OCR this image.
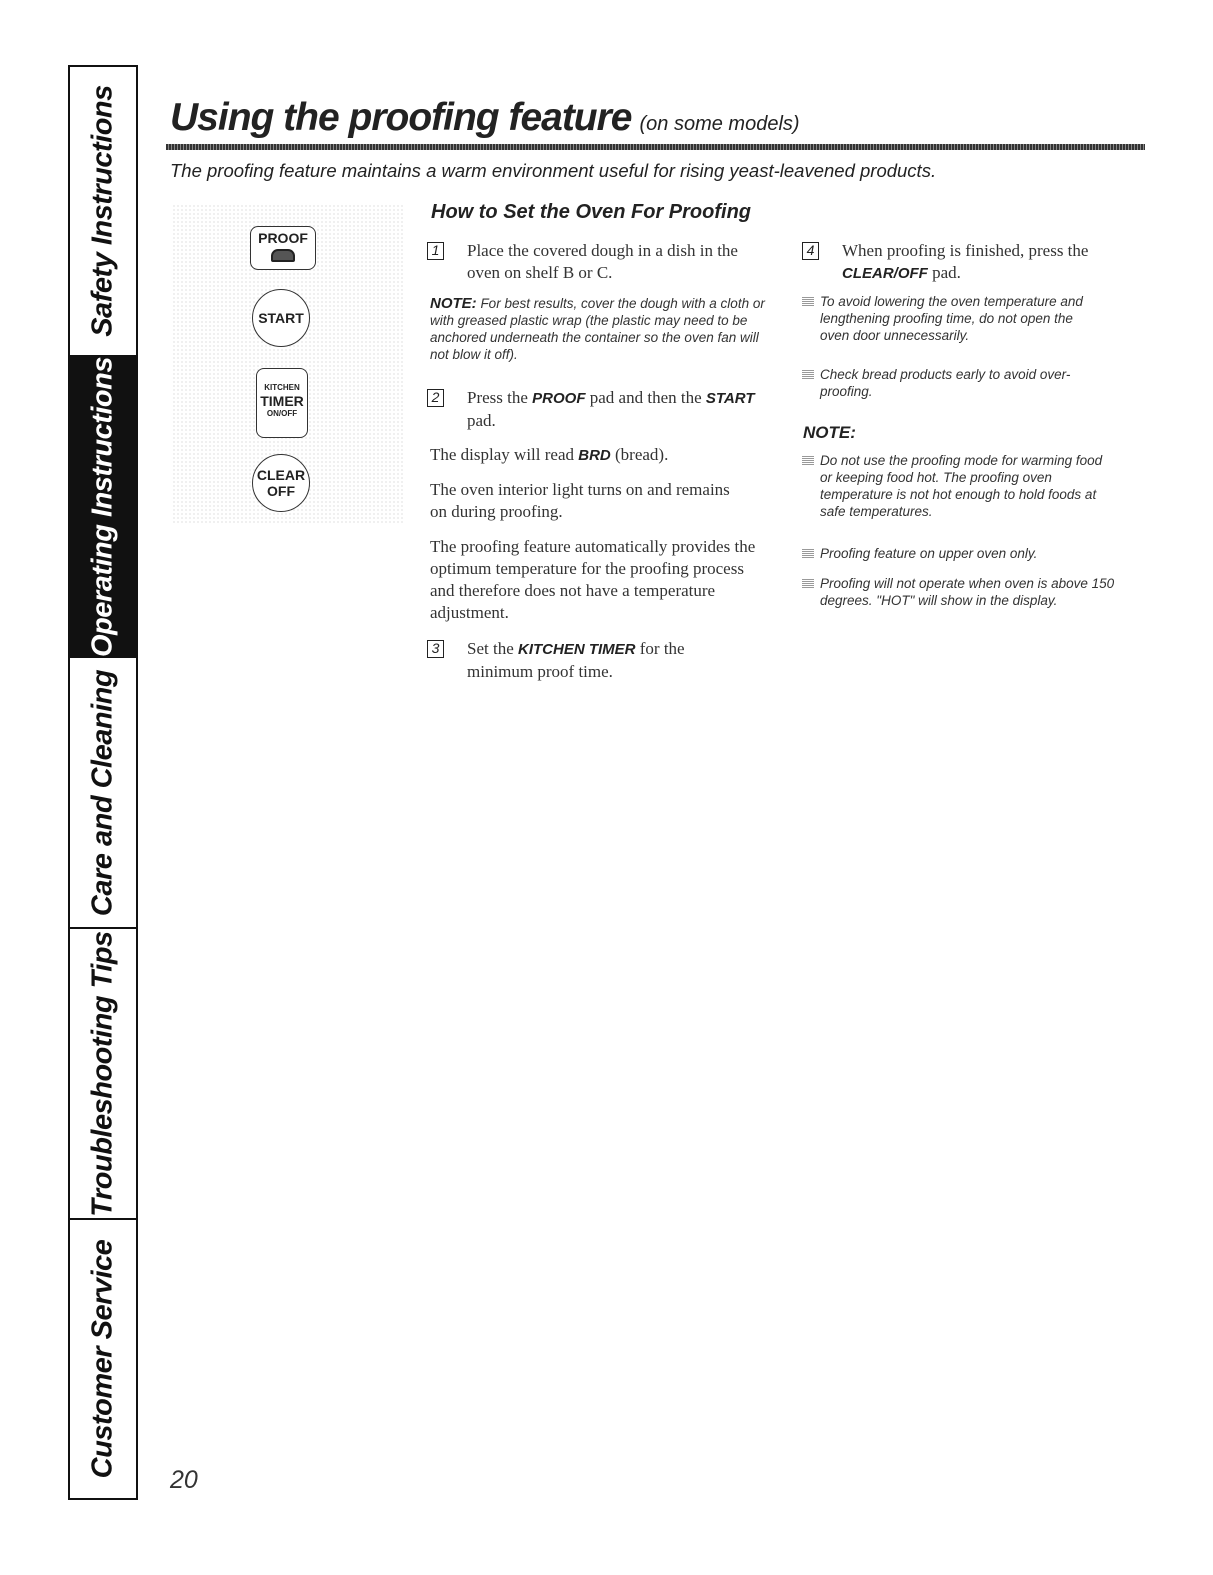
Safety Instructions
Operating Instructions
Care and Cleaning
Troubleshooting Tips
Customer Service
Using the proofing feature (on some models)
The proofing feature maintains a warm environment useful for rising yeast-leavened products.
PROOF
START
KITCHEN
TIMER
ON/OFF
CLEAR
OFF
How to Set the Oven For Proofing
1 Place the covered dough in a dish in the oven on shelf B or C.
NOTE: For best results, cover the dough with a cloth or with greased plastic wrap (the plastic may need to be anchored underneath the container so the oven fan will not blow it off).
2 Press the PROOF pad and then the START pad.
The display will read BRD (bread).
The oven interior light turns on and remains on during proofing.
The proofing feature automatically provides the optimum temperature for the proofing process and therefore does not have a temperature adjustment.
3 Set the KITCHEN TIMER for the minimum proof time.
4 When proofing is finished, press the CLEAR/OFF pad.
To avoid lowering the oven temperature and lengthening proofing time, do not open the oven door unnecessarily.
Check bread products early to avoid over-proofing.
NOTE:
Do not use the proofing mode for warming food or keeping food hot. The proofing oven temperature is not hot enough to hold foods at safe temperatures.
Proofing feature on upper oven only.
Proofing will not operate when oven is above 150 degrees. "HOT" will show in the display.
20
